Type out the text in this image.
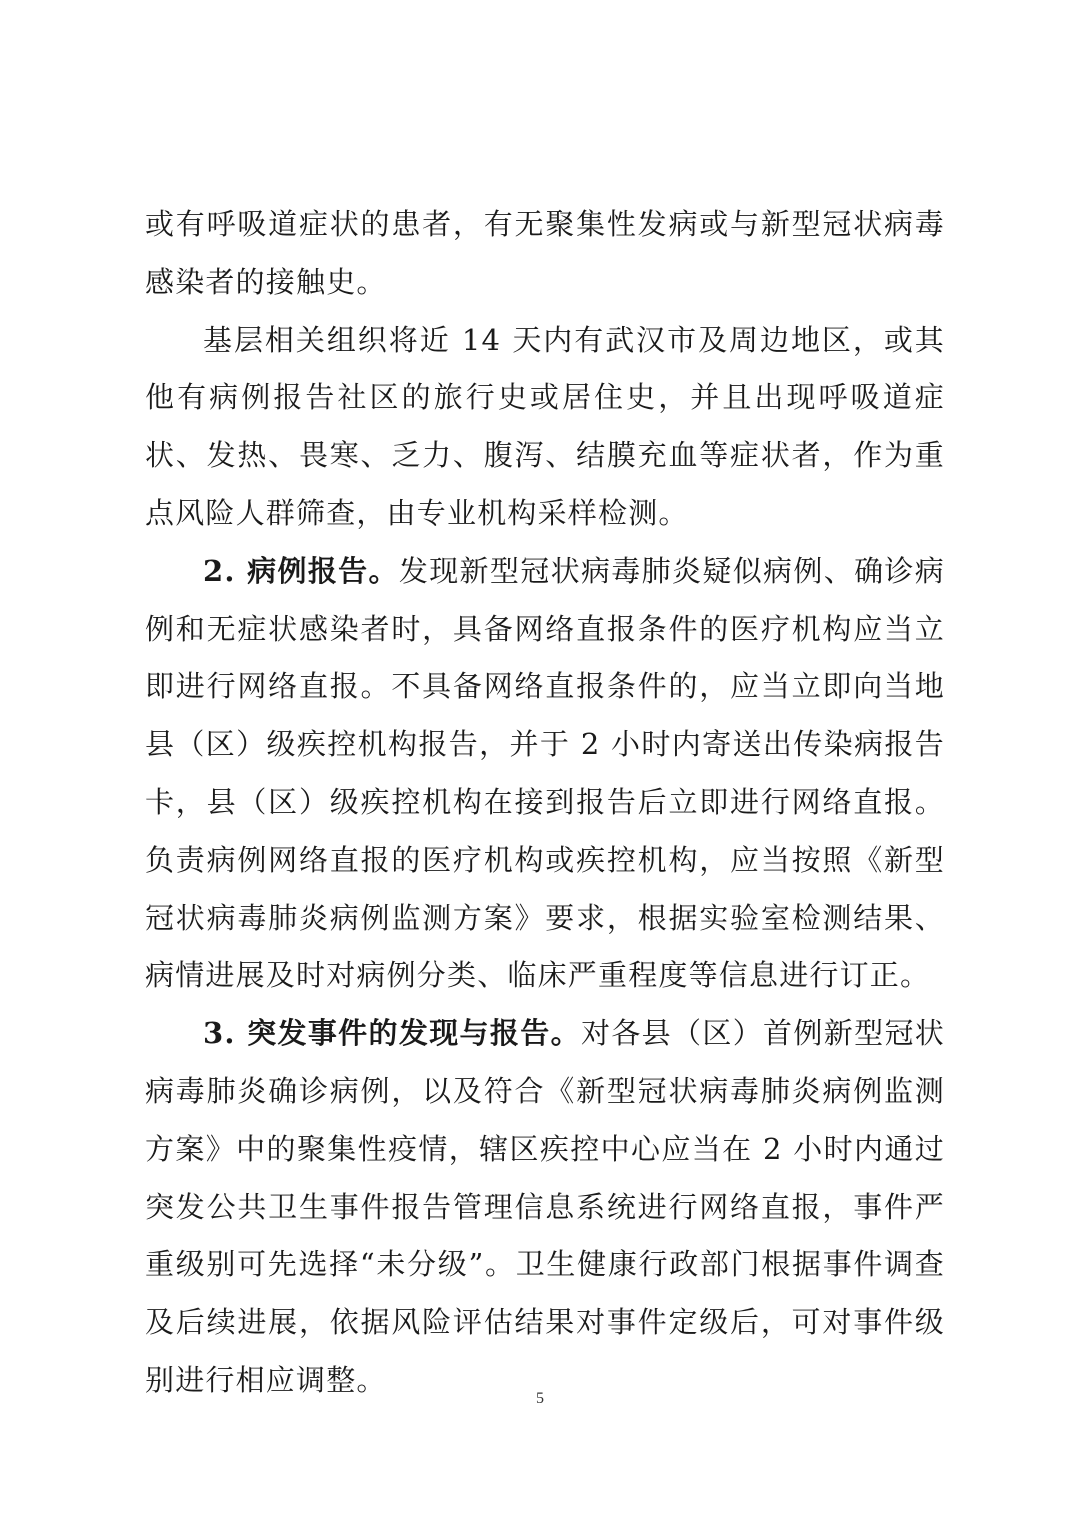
或有呼吸道症状的患者，有无聚集性发病或与新型冠状病毒感染者的接触史。

基层相关组织将近 14 天内有武汉市及周边地区，或其他有病例报告社区的旅行史或居住史，并且出现呼吸道症状、发热、畏寒、乏力、腹泻、结膜充血等症状者，作为重点风险人群筛查，由专业机构采样检测。

2. 病例报告。发现新型冠状病毒肺炎疑似病例、确诊病例和无症状感染者时，具备网络直报条件的医疗机构应当立即进行网络直报。不具备网络直报条件的，应当立即向当地县（区）级疾控机构报告，并于 2 小时内寄送出传染病报告卡，县（区）级疾控机构在接到报告后立即进行网络直报。负责病例网络直报的医疗机构或疾控机构，应当按照《新型冠状病毒肺炎病例监测方案》要求，根据实验室检测结果、病情进展及时对病例分类、临床严重程度等信息进行订正。

3. 突发事件的发现与报告。对各县（区）首例新型冠状病毒肺炎确诊病例，以及符合《新型冠状病毒肺炎病例监测方案》中的聚集性疫情，辖区疾控中心应当在 2 小时内通过突发公共卫生事件报告管理信息系统进行网络直报，事件严重级别可先选择“未分级”。卫生健康行政部门根据事件调查及后续进展，依据风险评估结果对事件定级后，可对事件级别进行相应调整。

5
